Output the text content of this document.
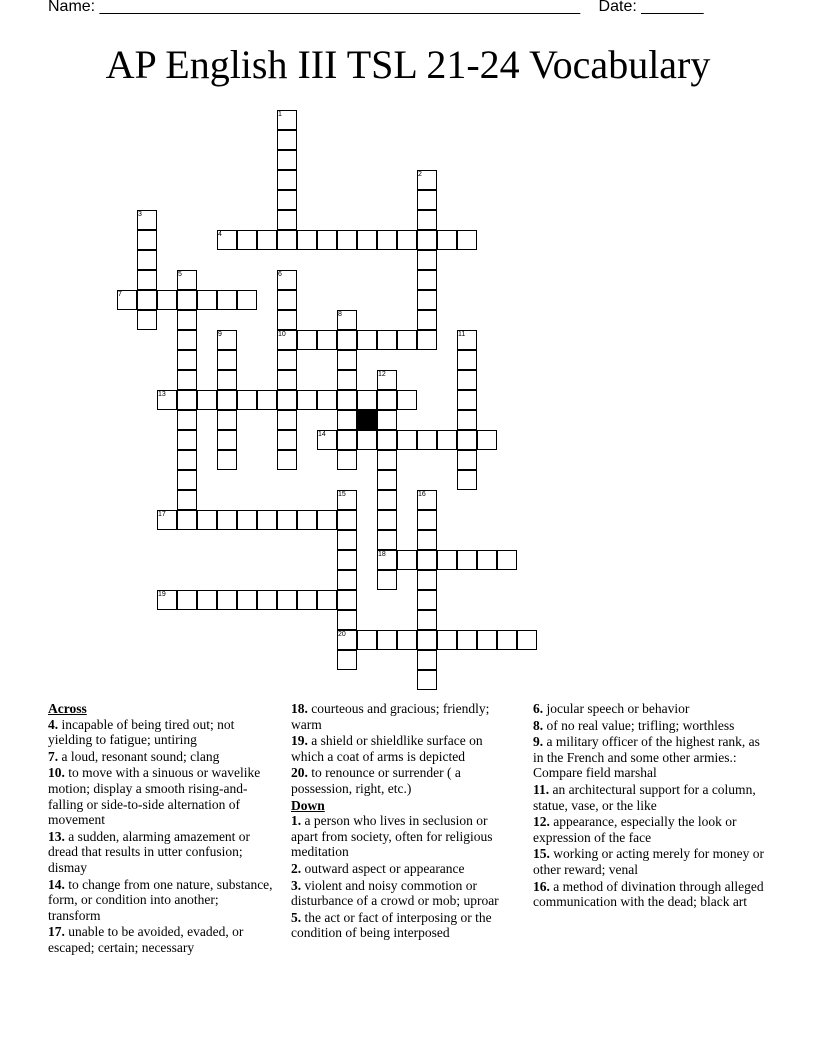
Name: ______________________________________________________ Date: _______
AP English III TSL 21-24 Vocabulary
4
7
10
13
14
17
18
19
20
1
2
3
5	6
8
9	11
12
15	16
Across
4. incapable of being tired out; not yielding to fatigue; untiring
7. a loud, resonant sound; clang
10. to move with a sinuous or wavelike motion; display a smooth rising-and-falling or side-to-side alternation of movement
13. a sudden, alarming amazement or dread that results in utter confusion; dismay
14. to change from one nature, substance, form, or condition into another; transform
17. unable to be avoided, evaded, or escaped; certain; necessary
18. courteous and gracious; friendly; warm
19. a shield or shieldlike surface on which a coat of arms is depicted
20. to renounce or surrender ( a possession, right, etc.)
Down
1. a person who lives in seclusion or apart from society, often for religious meditation
2. outward aspect or appearance
3. violent and noisy commotion or disturbance of a crowd or mob; uproar
5. the act or fact of interposing or the condition of being interposed
6. jocular speech or behavior
8. of no real value; trifling; worthless
9. a military officer of the highest rank, as in the French and some other armies.: Compare field marshal
11. an architectural support for a column, statue, vase, or the like
12. appearance, especially the look or expression of the face
15. working or acting merely for money or other reward; venal
16. a method of divination through alleged communication with the dead; black art
